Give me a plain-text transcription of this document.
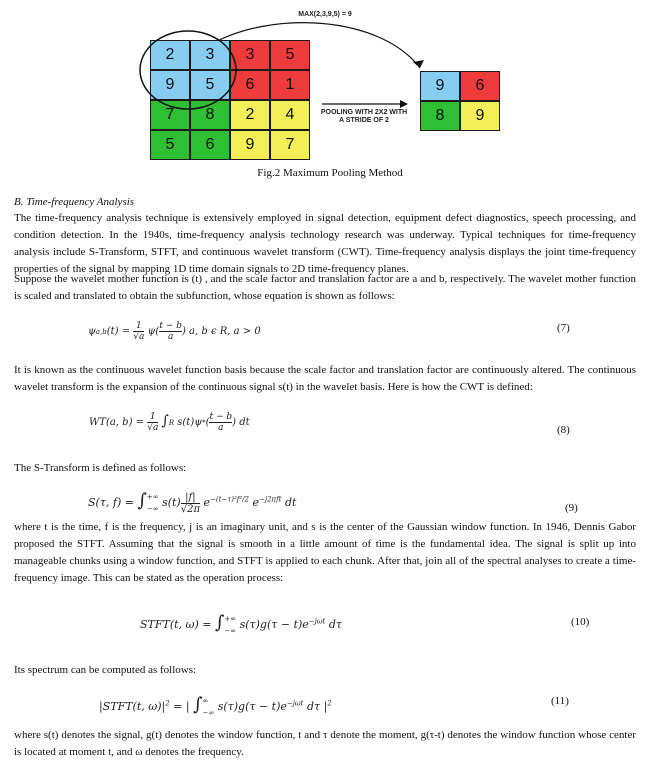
MAX(2,3,9,5) = 9
2	3	3	5
9	5	6	1
7	8	2	4
5	6	9	7
POOLING WITH 2X2 WITH
A STRIDE OF 2
9	6
8	9
Fig.2 Maximum Pooling Method
B. Time-frequency Analysis

The time-frequency analysis technique is extensively employed in signal detection, equipment defect diagnostics, speech processing, and condition detection. In the 1940s, time-frequency analysis technology research was underway. Typical techniques for time-frequency analysis include S-Transform, STFT, and continuous wavelet transform (CWT). Time-frequency analysis displays the joint time-frequency properties of the signal by mapping 1D time domain signals to 2D time-frequency planes.

Suppose the wavelet mother function is (t) , and the scale factor and translation factor are a and b, respectively. The wavelet mother function is scaled and translated to obtain the subfunction, whose equation is shown as follows:

$\psi a,b(t) = \frac{1}{√a} \psi( \frac{t - b}{a}$ ) a, b ϵ R, a > 0	(7)

It is known as the continuous wavelet function basis because the scale factor and translation factor are continuously altered. The continuous wavelet transform is the expansion of the continuous signal s(t) in the wavelet basis. Here is how the CWT is defined:

WT(a, $b) = \frac{1}{√a} \int R$ $s(t)\psi*( \frac{t - b}{a}$ ) dt
(8)

The S-Transform is defined as follows:

S(τ, f) = ∫ +∞
−∞ $s(t) \frac{|f|}{√2\pi} e^{-(t-\tau)^2f^2/2}$ $e^{-j2\pi ft}$ dt	(9)

where t is the time, f is the frequency, j is an imaginary unit, and s is the center of the Gaussian window function. In 1946, Dennis Gabor proposed the STFT. Assuming that the signal is smooth in a little amount of time is the fundamental idea. The signal is split up into manageable chunks using a window function, and STFT is applied to each chunk. After that, join all of the spectral analyses to create a time-frequency image. This can be stated as the operation process:

STFT(t, ω) = ∫ +∞
−∞ $s(\tau)g(\tau - t)e^{-j\omega t}$ dτ	(10)

Its spectrum can be computed as follows:

|STFT(t, $\omega)|^2$ = | ∫ ∞
−∞ $s(\tau)g(\tau - t)e^{-j\omega t}$ dτ $|^2$	(11)

where s(t) denotes the signal, g(t) denotes the window function, t and τ denote the moment, g(τ-t) denotes the window function whose center is located at moment t, and ω denotes the frequency.
